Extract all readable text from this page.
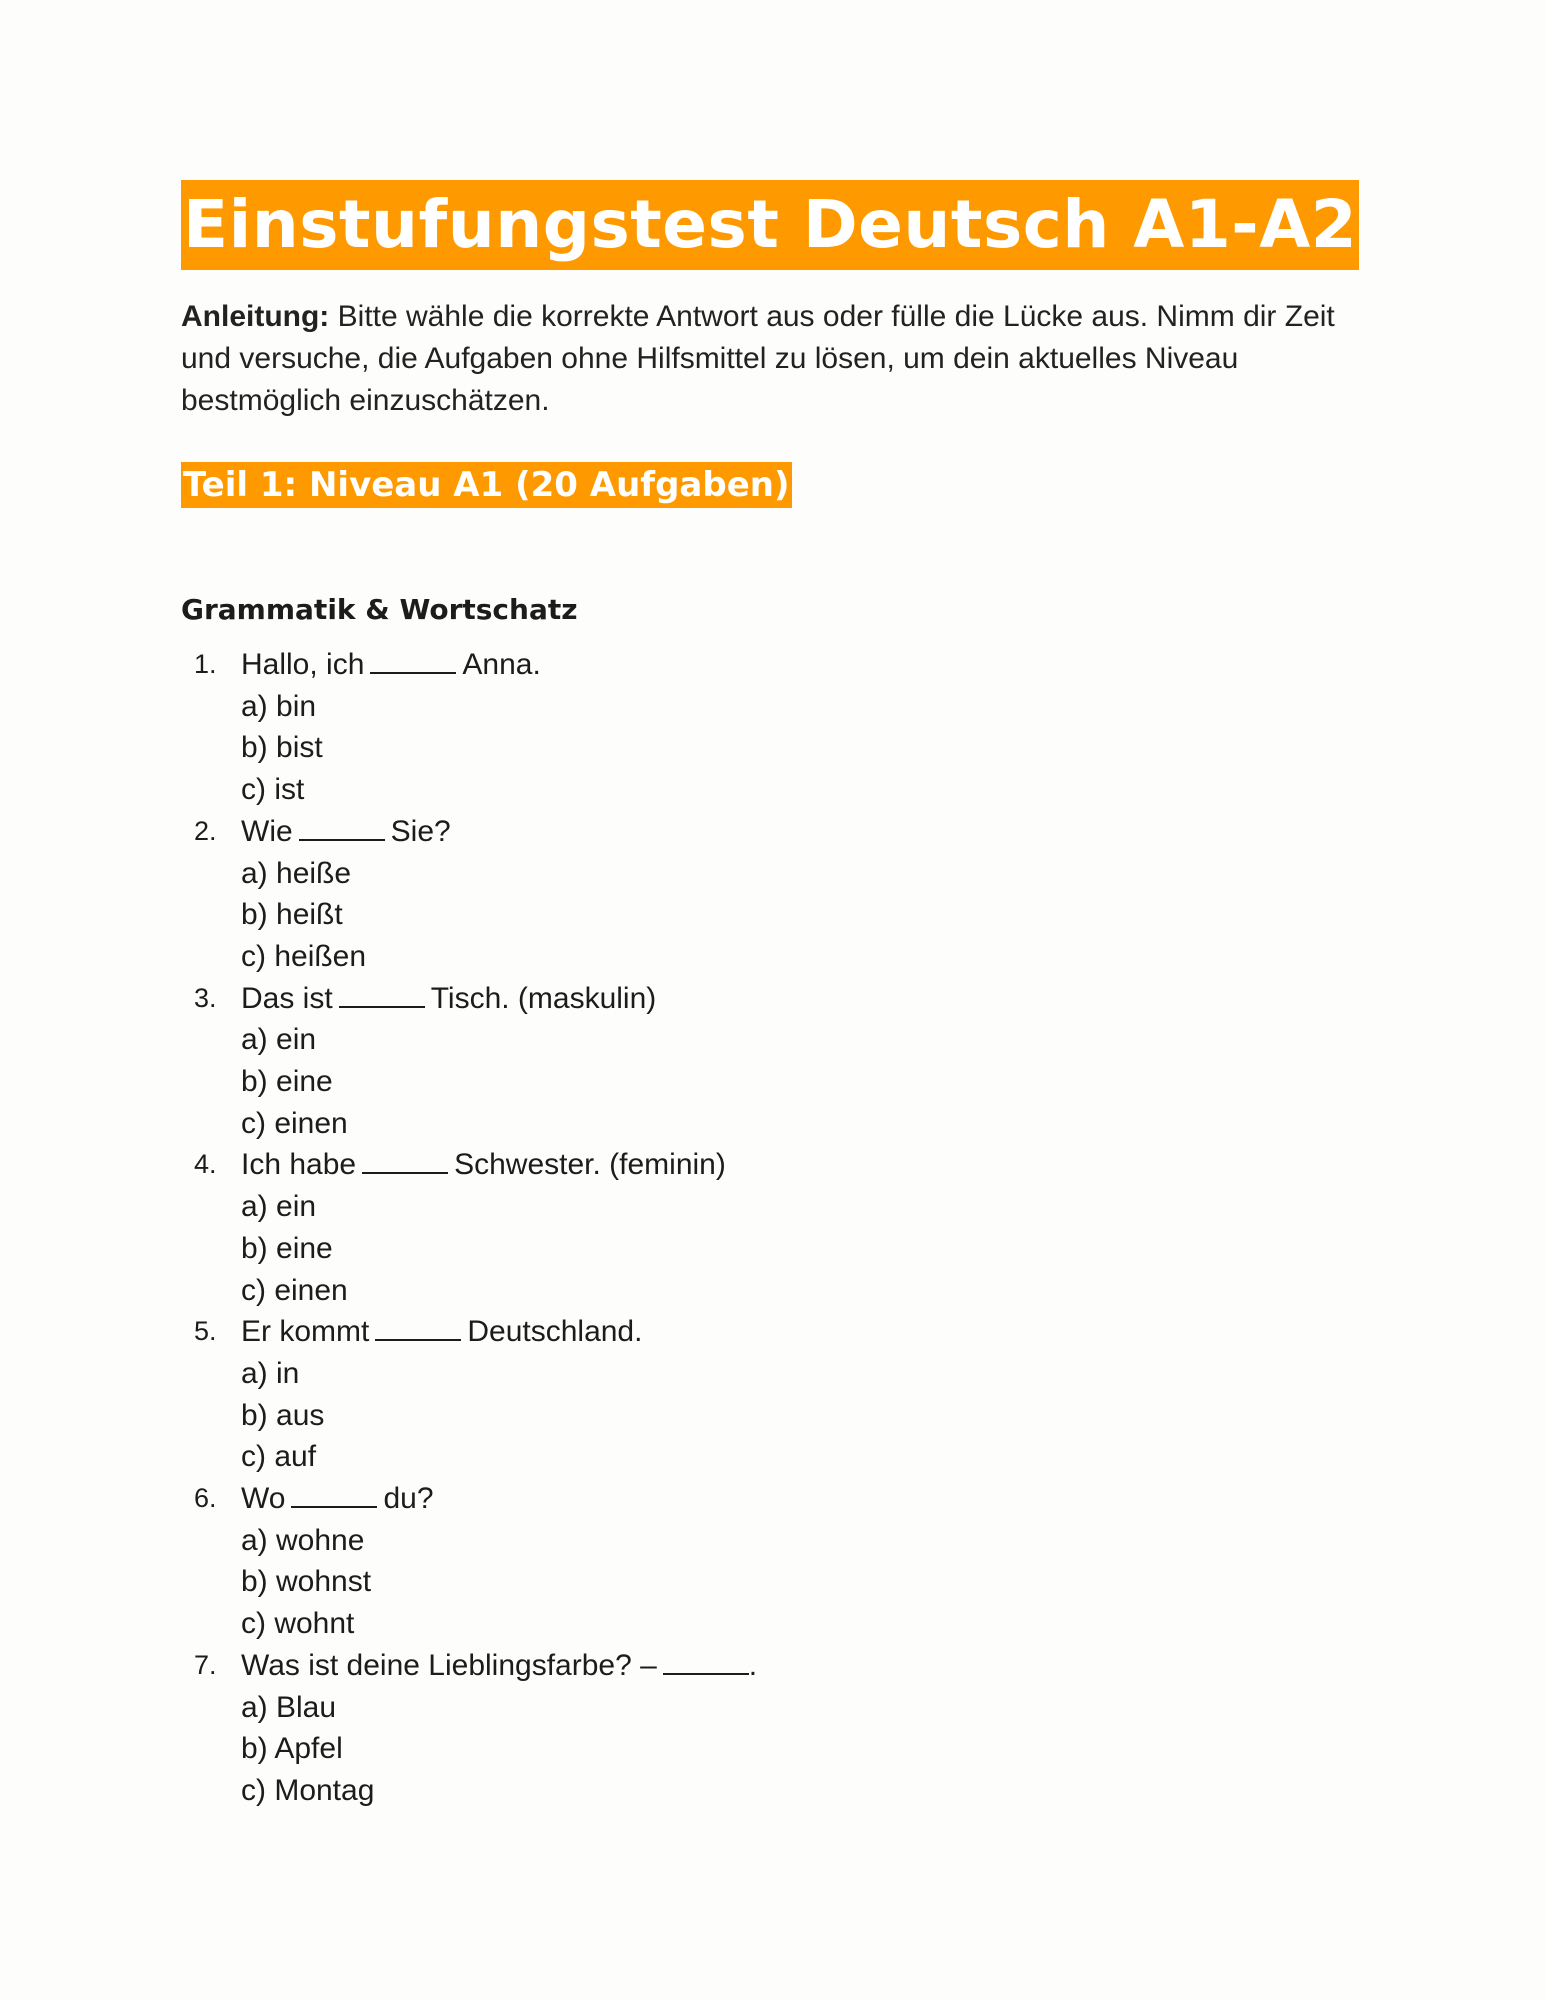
Einstufungstest Deutsch A1-A2
Anleitung: Bitte wähle die korrekte Antwort aus oder fülle die Lücke aus. Nimm dir Zeit und versuche, die Aufgaben ohne Hilfsmittel zu lösen, um dein aktuelles Niveau bestmöglich einzuschätzen.
Teil 1: Niveau A1 (20 Aufgaben)
Grammatik & Wortschatz
1. Hallo, ich	Anna.
a) bin
b) bist
c) ist
2. Wie	Sie?
a) heiße
b) heißt
c) heißen
3. Das ist	Tisch. (maskulin)
a) ein
b) eine
c) einen
4. Ich habe	Schwester. (feminin)
a) ein
b) eine
c) einen
5. Er kommt	Deutschland.
a) in
b) aus
c) auf
6. Wo	du?
a) wohne
b) wohnst
c) wohnt
7. Was ist deine Lieblingsfarbe? –	.
a) Blau
b) Apfel
c) Montag
